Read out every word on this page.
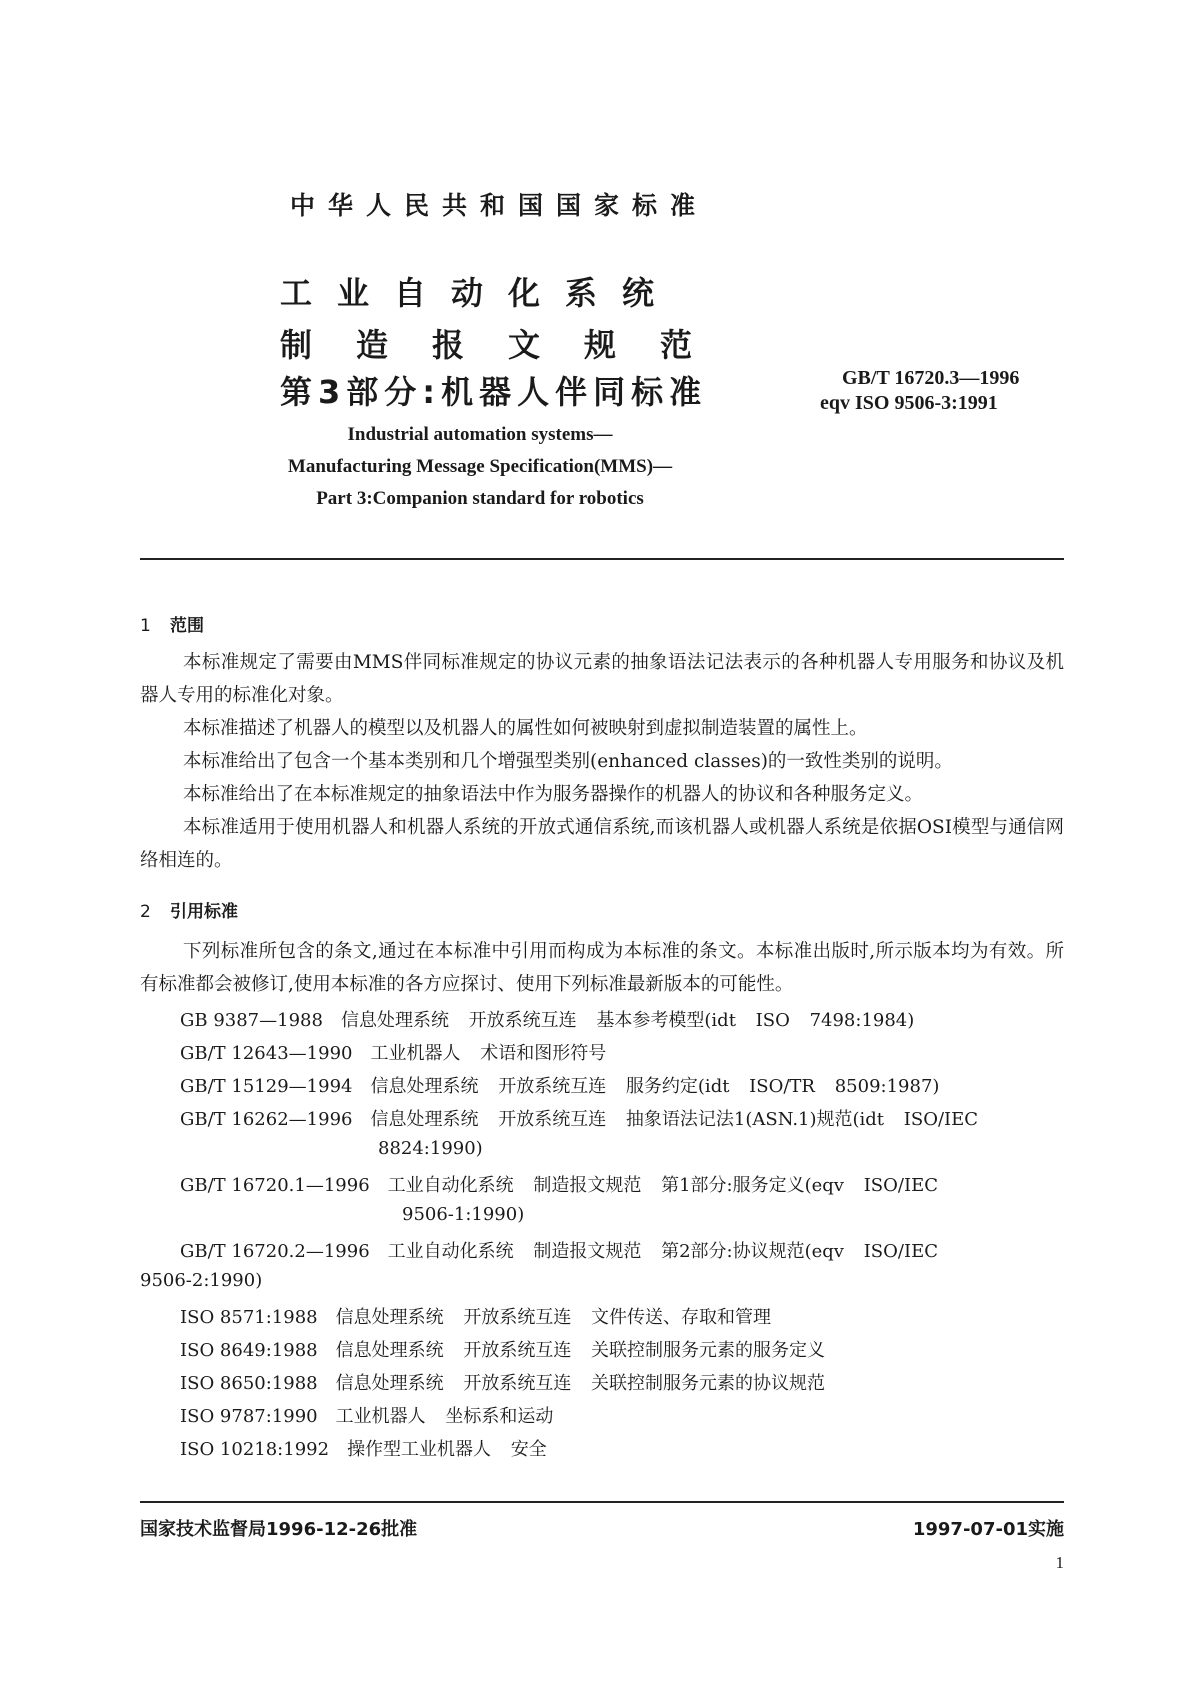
中华人民共和国国家标准
工业自动化系统
制造报文规范
第3部分:机器人伴同标准	GB/T 16720.3—1996
eqv ISO 9506-3:1991
Industrial automation systems—
Manufacturing Message Specification(MMS)—
Part 3:Companion standard for robotics
1 范围
本标准规定了需要由MMS伴同标准规定的协议元素的抽象语法记法表示的各种机器人专用服务和协议及机器人专用的标准化对象。
本标准描述了机器人的模型以及机器人的属性如何被映射到虚拟制造装置的属性上。
本标准给出了包含一个基本类别和几个增强型类别(enhanced classes)的一致性类别的说明。
本标准给出了在本标准规定的抽象语法中作为服务器操作的机器人的协议和各种服务定义。
本标准适用于使用机器人和机器人系统的开放式通信系统,而该机器人或机器人系统是依据OSI模型与通信网络相连的。
2 引用标准
下列标准所包含的条文,通过在本标准中引用而构成为本标准的条文。本标准出版时,所示版本均为有效。所有标准都会被修订,使用本标准的各方应探讨、使用下列标准最新版本的可能性。
GB 9387—1988 信息处理系统 开放系统互连 基本参考模型(idt ISO 7498:1984)
GB/T 12643—1990 工业机器人 术语和图形符号
GB/T 15129—1994 信息处理系统 开放系统互连 服务约定(idt ISO/TR 8509:1987)
GB/T 16262—1996 信息处理系统 开放系统互连 抽象语法记法1(ASN.1)规范(idt ISO/IEC
8824:1990)
GB/T 16720.1—1996 工业自动化系统 制造报文规范 第1部分:服务定义(eqv ISO/IEC
9506-1:1990)
GB/T 16720.2—1996 工业自动化系统 制造报文规范 第2部分:协议规范(eqv ISO/IEC
9506-2:1990)
ISO 8571:1988 信息处理系统 开放系统互连 文件传送、存取和管理
ISO 8649:1988 信息处理系统 开放系统互连 关联控制服务元素的服务定义
ISO 8650:1988 信息处理系统 开放系统互连 关联控制服务元素的协议规范
ISO 9787:1990 工业机器人 坐标系和运动
ISO 10218:1992 操作型工业机器人 安全
国家技术监督局1996-12-26批准	1997-07-01实施
1
